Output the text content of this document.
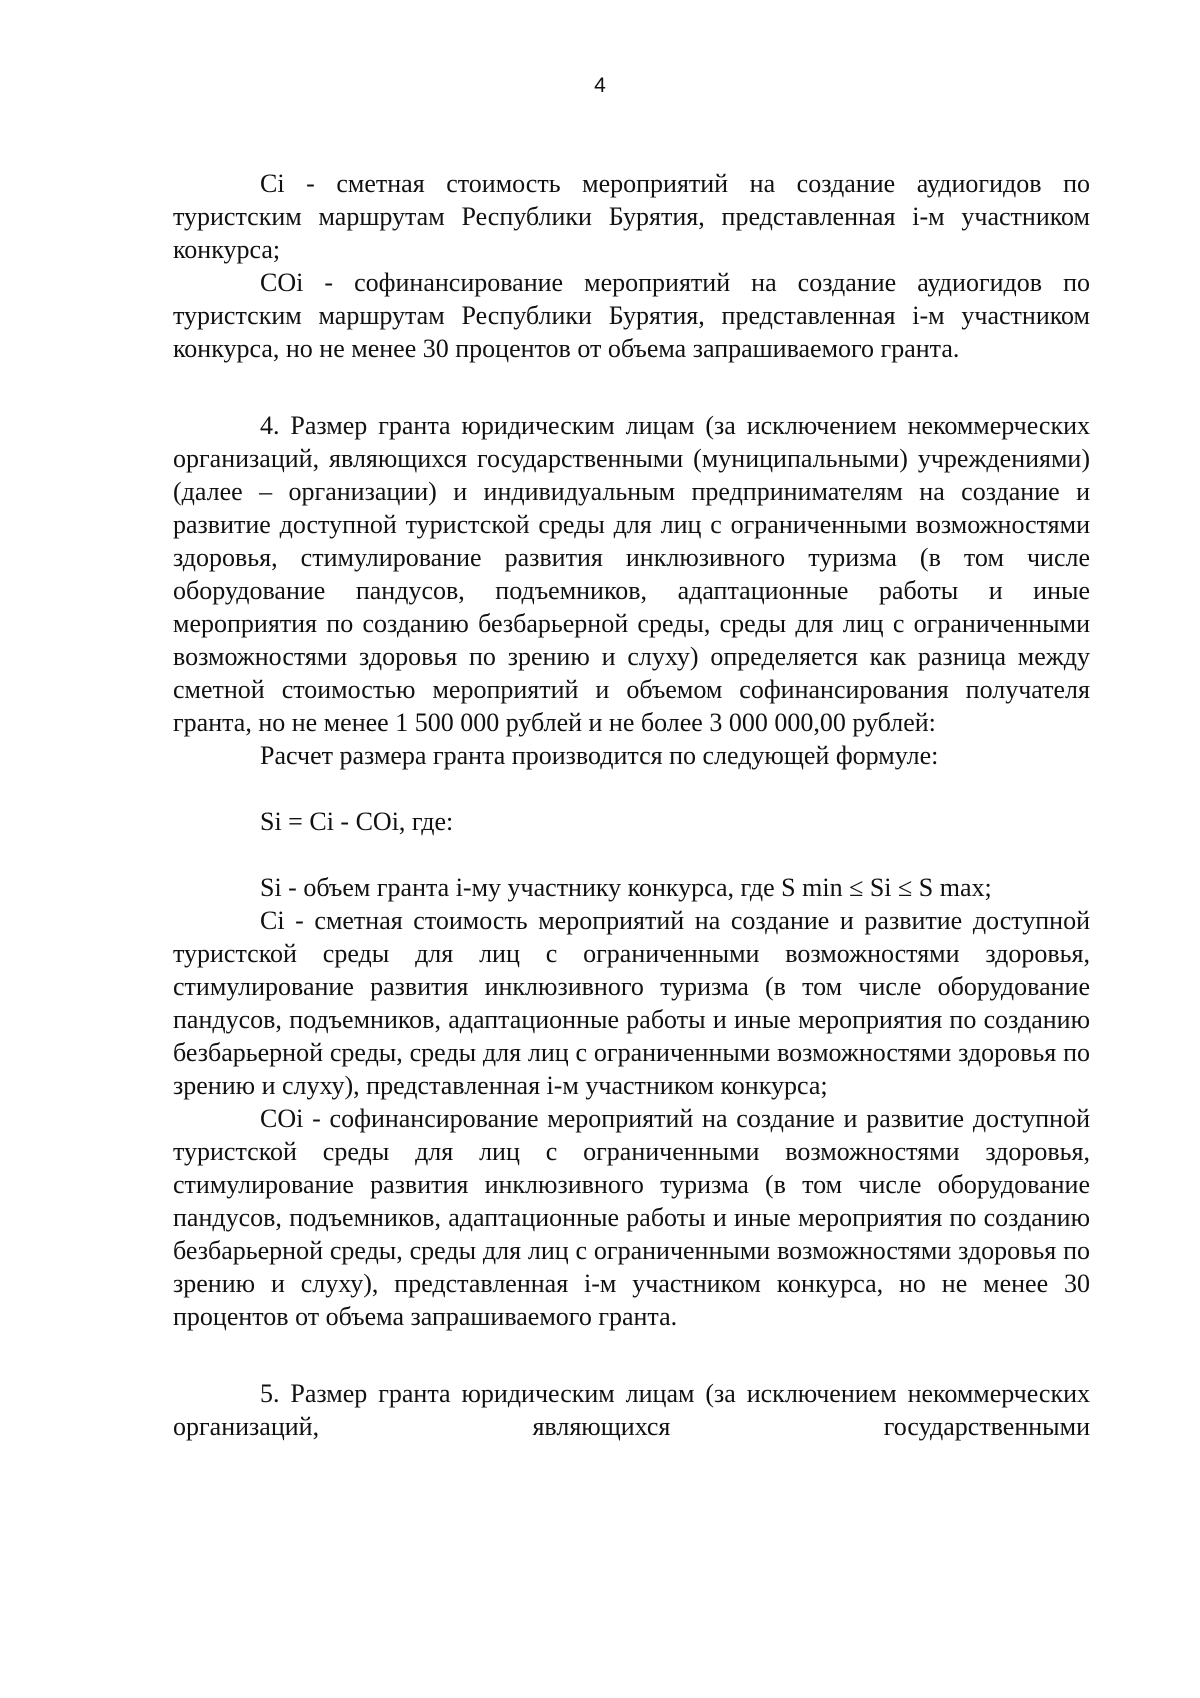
4

Сi - сметная стоимость мероприятий на создание аудиогидов по туристским маршрутам Республики Бурятия, представленная i-м участником конкурса;

СОi - софинансирование мероприятий на создание аудиогидов по туристским маршрутам Республики Бурятия, представленная i-м участником конкурса, но не менее 30 процентов от объема запрашиваемого гранта.

4. Размер гранта юридическим лицам (за исключением некоммерческих организаций, являющихся государственными (муниципальными) учреждениями) (далее – организации) и индивидуальным предпринимателям на создание и развитие доступной туристской среды для лиц с ограниченными возможностями здоровья, стимулирование развития инклюзивного туризма (в том числе оборудование пандусов, подъемников, адаптационные работы и иные мероприятия по созданию безбарьерной среды, среды для лиц с ограниченными возможностями здоровья по зрению и слуху) определяется как разница между сметной стоимостью мероприятий и объемом софинансирования получателя гранта, но не менее 1 500 000 рублей и не более 3 000 000,00 рублей:

Расчет размера гранта производится по следующей формуле:

Si = Сi - СОi, где:

Si - объем гранта i-му участнику конкурса, где S min ≤ Si ≤ S max;

Сi - сметная стоимость мероприятий на создание и развитие доступной туристской среды для лиц с ограниченными возможностями здоровья, стимулирование развития инклюзивного туризма (в том числе оборудование пандусов, подъемников, адаптационные работы и иные мероприятия по созданию безбарьерной среды, среды для лиц с ограниченными возможностями здоровья по зрению и слуху), представленная i-м участником конкурса;

СОi - софинансирование мероприятий на создание и развитие доступной туристской среды для лиц с ограниченными возможностями здоровья, стимулирование развития инклюзивного туризма (в том числе оборудование пандусов, подъемников, адаптационные работы и иные мероприятия по созданию безбарьерной среды, среды для лиц с ограниченными возможностями здоровья по зрению и слуху), представленная i-м участником конкурса, но не менее 30 процентов от объема запрашиваемого гранта.

5. Размер гранта юридическим лицам (за исключением некоммерческих организаций, являющихся государственными
